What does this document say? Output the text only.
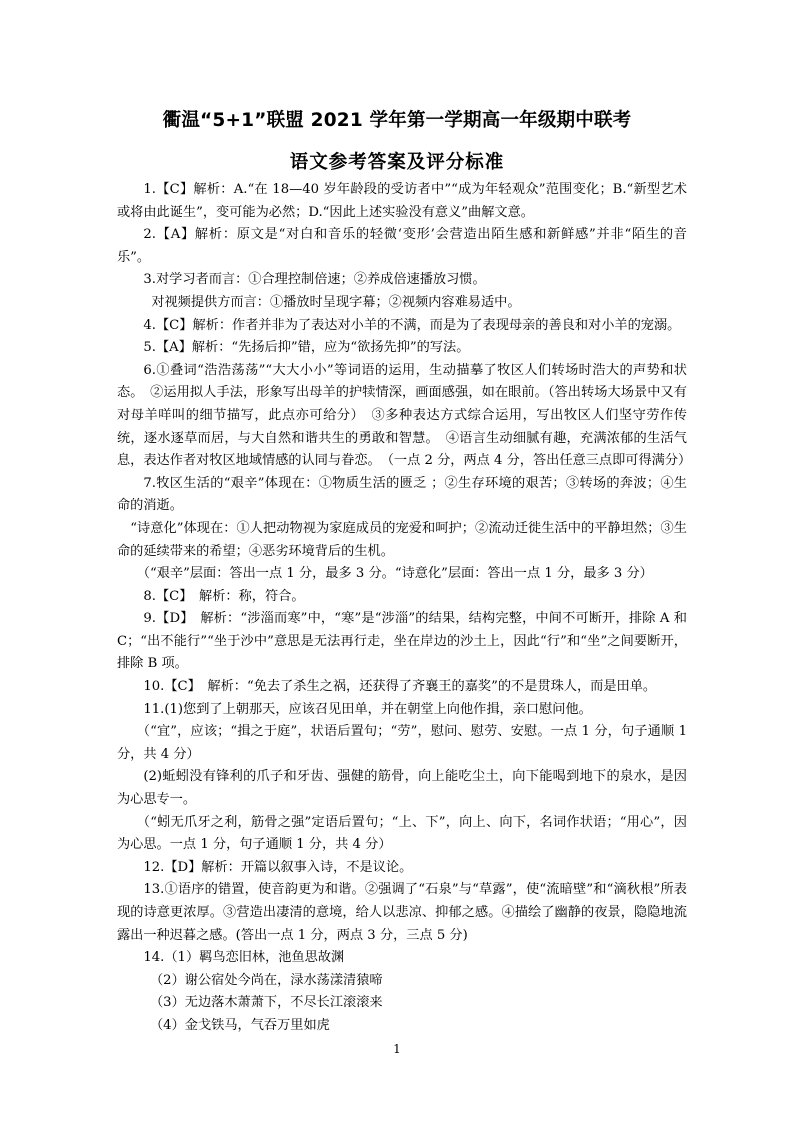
衢温“5+1”联盟 2021 学年第一学期高一年级期中联考
语文参考答案及评分标准

1.【C】解析：A.“在 18—40 岁年龄段的受访者中”“成为年轻观众”范围变化；B.“新型艺术或将由此诞生”，变可能为必然；D.“因此上述实验没有意义”曲解文意。

2.【A】解析：原文是“对白和音乐的轻微‘变形’会营造出陌生感和新鲜感”并非“陌生的音乐”。

3.对学习者而言：①合理控制倍速；②养成倍速播放习惯。

对视频提供方而言：①播放时呈现字幕；②视频内容难易适中。

4.【C】解析：作者并非为了表达对小羊的不满，而是为了表现母亲的善良和对小羊的宠溺。

5.【A】解析：“先扬后抑”错，应为“欲扬先抑”的写法。

6.①叠词“浩浩荡荡”“大大小小”等词语的运用，生动描摹了牧区人们转场时浩大的声势和状态。　②运用拟人手法，形象写出母羊的护犊情深，画面感强，如在眼前。（答出转场大场景中又有对母羊咩叫的细节描写，此点亦可给分）　③多种表达方式综合运用，写出牧区人们坚守劳作传统，逐水逐草而居，与大自然和谐共生的勇敢和智慧。　④语言生动细腻有趣，充满浓郁的生活气息，表达作者对牧区地域情感的认同与眷恋。　（一点 2 分，两点 4 分，答出任意三点即可得满分）

7.牧区生活的“艰辛”体现在：①物质生活的匮乏 ；②生存环境的艰苦；③转场的奔波；④生命的消逝。

“诗意化”体现在：①人把动物视为家庭成员的宠爱和呵护；②流动迁徙生活中的平静坦然；③生命的延续带来的希望；④恶劣环境背后的生机。

（“艰辛”层面：答出一点 1 分，最多 3 分。“诗意化”层面：答出一点 1 分，最多 3 分）

8.【C】　解析：称，符合。

9.【D】　解析：“涉淄而寒”中，“寒”是“涉淄”的结果，结构完整，中间不可断开，排除 A 和 C；“出不能行”“坐于沙中”意思是无法再行走，坐在岸边的沙土上，因此“行”和“坐”之间要断开，排除 B 项。

10.【C】　解析：“免去了杀生之祸，还获得了齐襄王的嘉奖”的不是贯珠人，而是田单。

11.(1)您到了上朝那天，应该召见田单，并在朝堂上向他作揖，亲口慰问他。

（“宜”，应该；“揖之于庭”，状语后置句；“劳”，慰问、慰劳、安慰。一点 1 分，句子通顺 1 分，共 4 分）

(2)蚯蚓没有锋利的爪子和牙齿、强健的筋骨，向上能吃尘土，向下能喝到地下的泉水，是因为心思专一。

（“蚓无爪牙之利，筋骨之强”定语后置句；“上、下”，向上、向下，名词作状语；“用心”，因为心思。一点 1 分，句子通顺 1 分，共 4 分）

12.【D】解析：开篇以叙事入诗，不是议论。

13.①语序的错置，使音韵更为和谐。②强调了“石泉”与“草露”，使“流暗壁”和“滴秋根”所表现的诗意更浓厚。③营造出凄清的意境，给人以悲凉、抑郁之感。④描绘了幽静的夜景，隐隐地流露出一种迟暮之感。(答出一点 1 分，两点 3 分，三点 5 分)

14.（1）羁鸟恋旧林，池鱼思故渊

（2）谢公宿处今尚在，渌水荡漾清猿啼

（3）无边落木萧萧下，不尽长江滚滚来

（4）金戈铁马，气吞万里如虎

1
